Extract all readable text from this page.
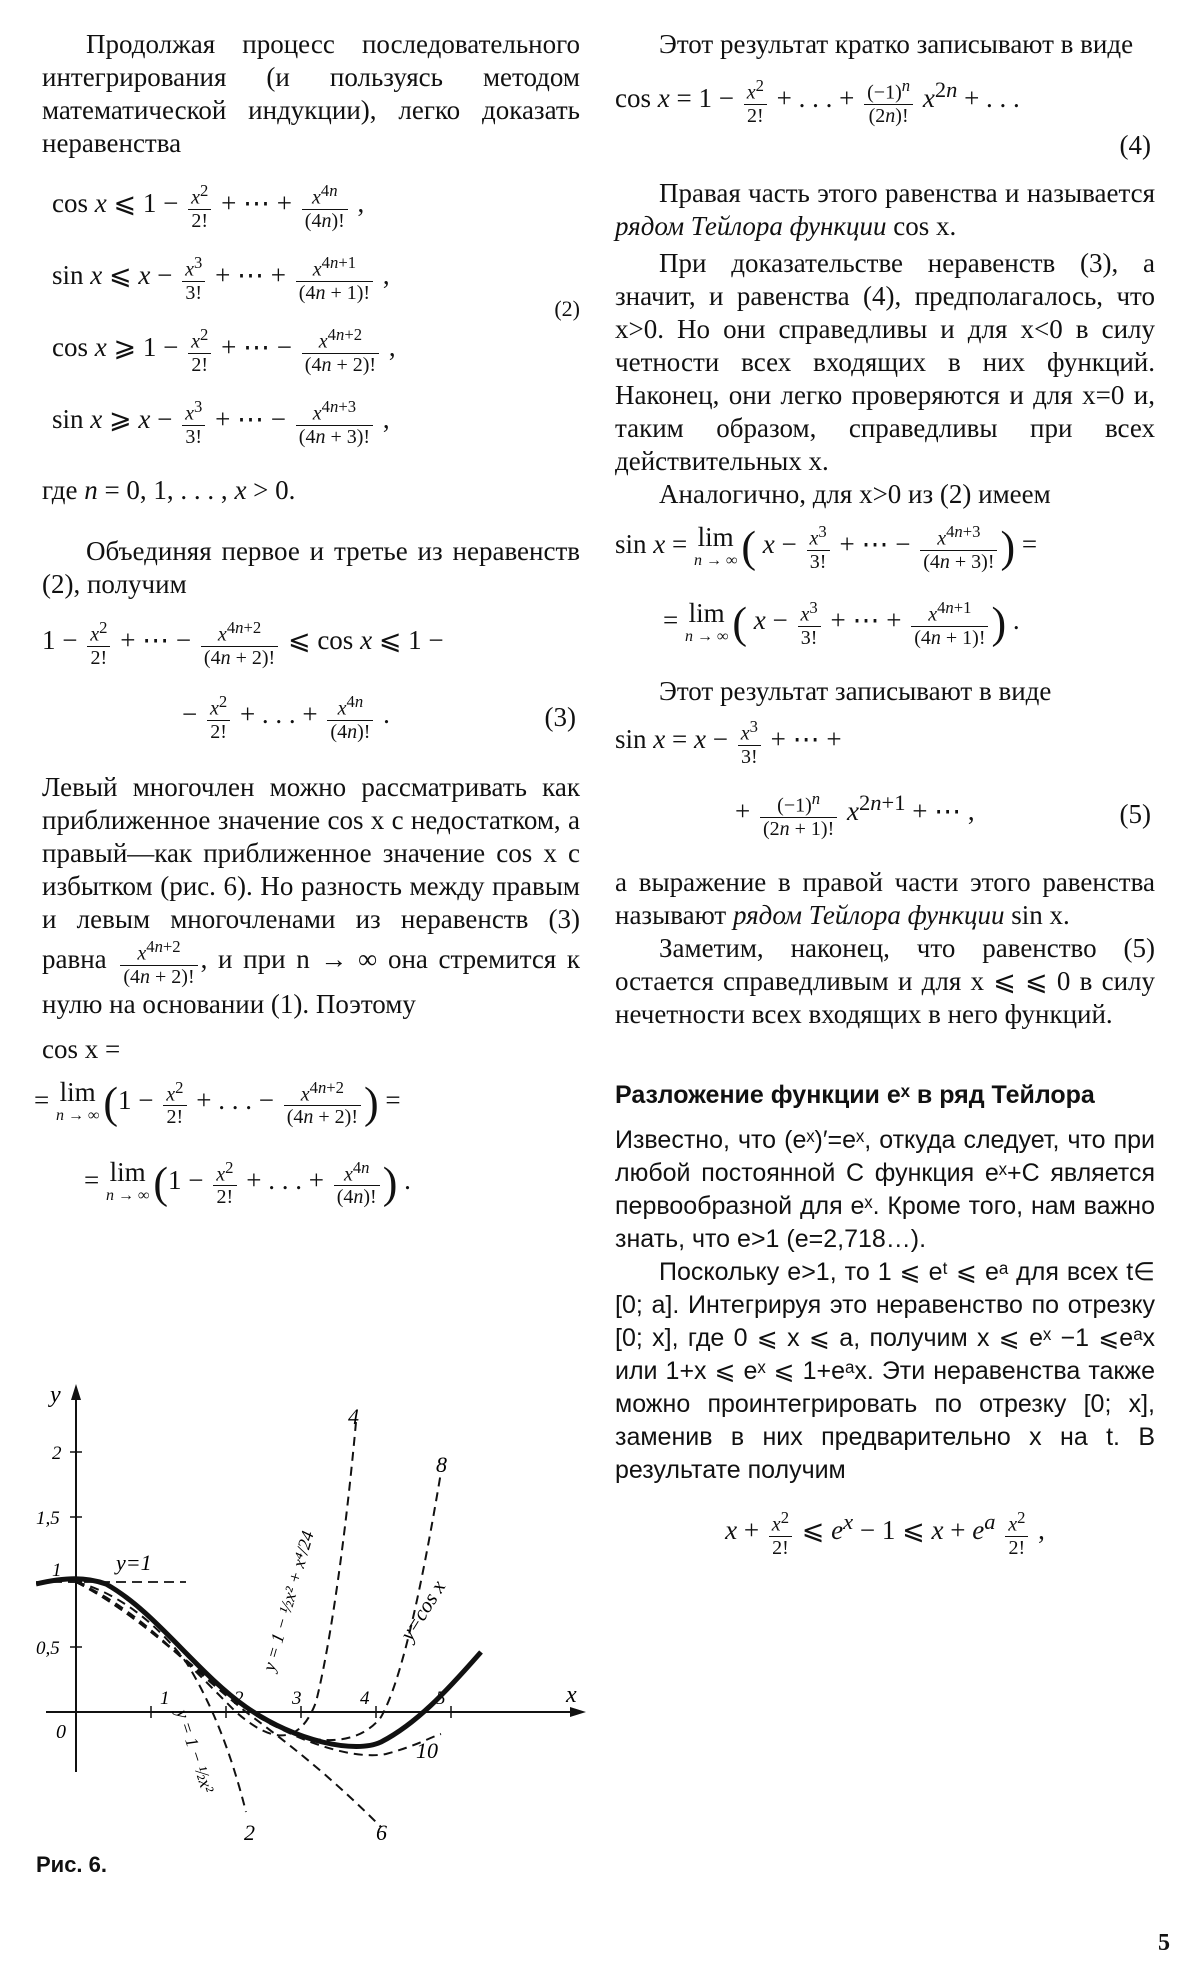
Продолжая процесс последовательного интегрирования (и пользуясь методом математической индукции), легко доказать неравенства

cos x ⩽ $1 - \frac{x^2}{2!}$ + ⋯ + $\frac{x^{4n}}{(4n)!}$ ,
sin x ⩽ $x - \frac{x^3}{3!}$ + ⋯ + $\frac{x^{4n+1}}{(4n + 1)!}$ ,
cos x ⩾ $1 - \frac{x^2}{2!}$ + ⋯ − $\frac{x^{4n+2}}{(4n + 2)!}$ ,
sin x ⩾ $x - \frac{x^3}{3!}$ + ⋯ − $\frac{x^{4n+3}}{(4n + 3)!}$ ,
(2)

где n = 0, 1, . . . , x > 0.

Объединяя первое и третье из неравенств (2), получим

$1 - \frac{x^2}{2!}$ + ⋯ − $\frac{x^{4n+2}}{(4n + 2)!}$ ⩽ cos x ⩽ 1 −
− $\frac{x^2}{2!}$ + . . . + $\frac{x^{4n}}{(4n)!}$ .	(3)

Левый многочлен можно рассматривать как приближенное значение cos x с недостатком, а правый—как приближенное значение cos x с избытком (рис. 6). Но разность между правым и левым многочленами из неравенств (3) равна $\frac{x^{4n+2}}{(4n + 2)!}$ , и при n → ∞ она стремится к нулю на основании (1). Поэтому

cos x =
= lim
n → ∞ ($1 - \frac{x^2}{2!}$ + . . . − $\frac{x^{4n+2}}{(4n + 2)!}$ ) =
= lim
n → ∞ ($1 - \frac{x^2}{2!}$ + . . . + $\frac{x^{4n}}{(4n)!}$ ) .
y
x
0
2
1,5
1
0,5
1	2	3	4	5
y=1
2
4
6
8
10
y = 1 − ½x² + x⁴/24
y = 1 − ½x²
y=cos x
Рис. 6.

Этот результат кратко записывают в виде

$\cos x = 1 - \frac{x^2}{2!}$ + . . . + $\frac{(-1)^n}{(2n)!} x^{2n}$ + . . .
(4)

Правая часть этого равенства и называется рядом Тейлора функции cos x.

При доказательстве неравенств (3), а значит, и равенства (4), предполагалось, что x>0. Но они справедливы и для x<0 в силу четности всех входящих в них функций. Наконец, они легко проверяются и для x=0 и, таким образом, справедливы при всех действительных x.

Аналогично, для x>0 из (2) имеем

sin x = lim
n → ∞ ( $x - \frac{x^3}{3!}$ + ⋯ − $\frac{x^{4n+3}}{(4n + 3)!}$ ) =
= lim
n → ∞ ( $x - \frac{x^3}{3!}$ + ⋯ + $\frac{x^{4n+1}}{(4n + 1)!}$ ) .

Этот результат записывают в виде

$\sin x = x - \frac{x^3}{3!}$ + ⋯ +
+ $\frac{(-1)^n}{(2n + 1)!} x^{2n+1}$ + ⋯ ,	(5)

а выражение в правой части этого равенства называют рядом Тейлора функции sin x.

Заметим, наконец, что равенство (5) остается справедливым и для x ⩽ ⩽ 0 в силу нечетности всех входящих в него функций.

Разложение функции eˣ в ряд Тейлора

Известно, что (eˣ)′=eˣ, откуда следует, что при любой постоянной C функция eˣ+C является первообразной для eˣ. Кроме того, нам важно знать, что e>1 (e=2,718…).

Поскольку e>1, то 1 ⩽ eᵗ ⩽ eᵃ для всех t∈ [0; a]. Интегрируя это неравенство по отрезку [0; x], где 0 ⩽ x ⩽ a, получим x ⩽ eˣ −1 ⩽eᵃx или 1+x ⩽ eˣ ⩽ 1+eᵃx. Эти неравенства также можно проинтегрировать по отрезку [0; x], заменив в них предварительно x на t. В результате получим

$x + \frac{x^2}{2!}$ ⩽ $e^x - 1$ ⩽ $x + e^a \frac{x^2}{2!}$ ,
5
